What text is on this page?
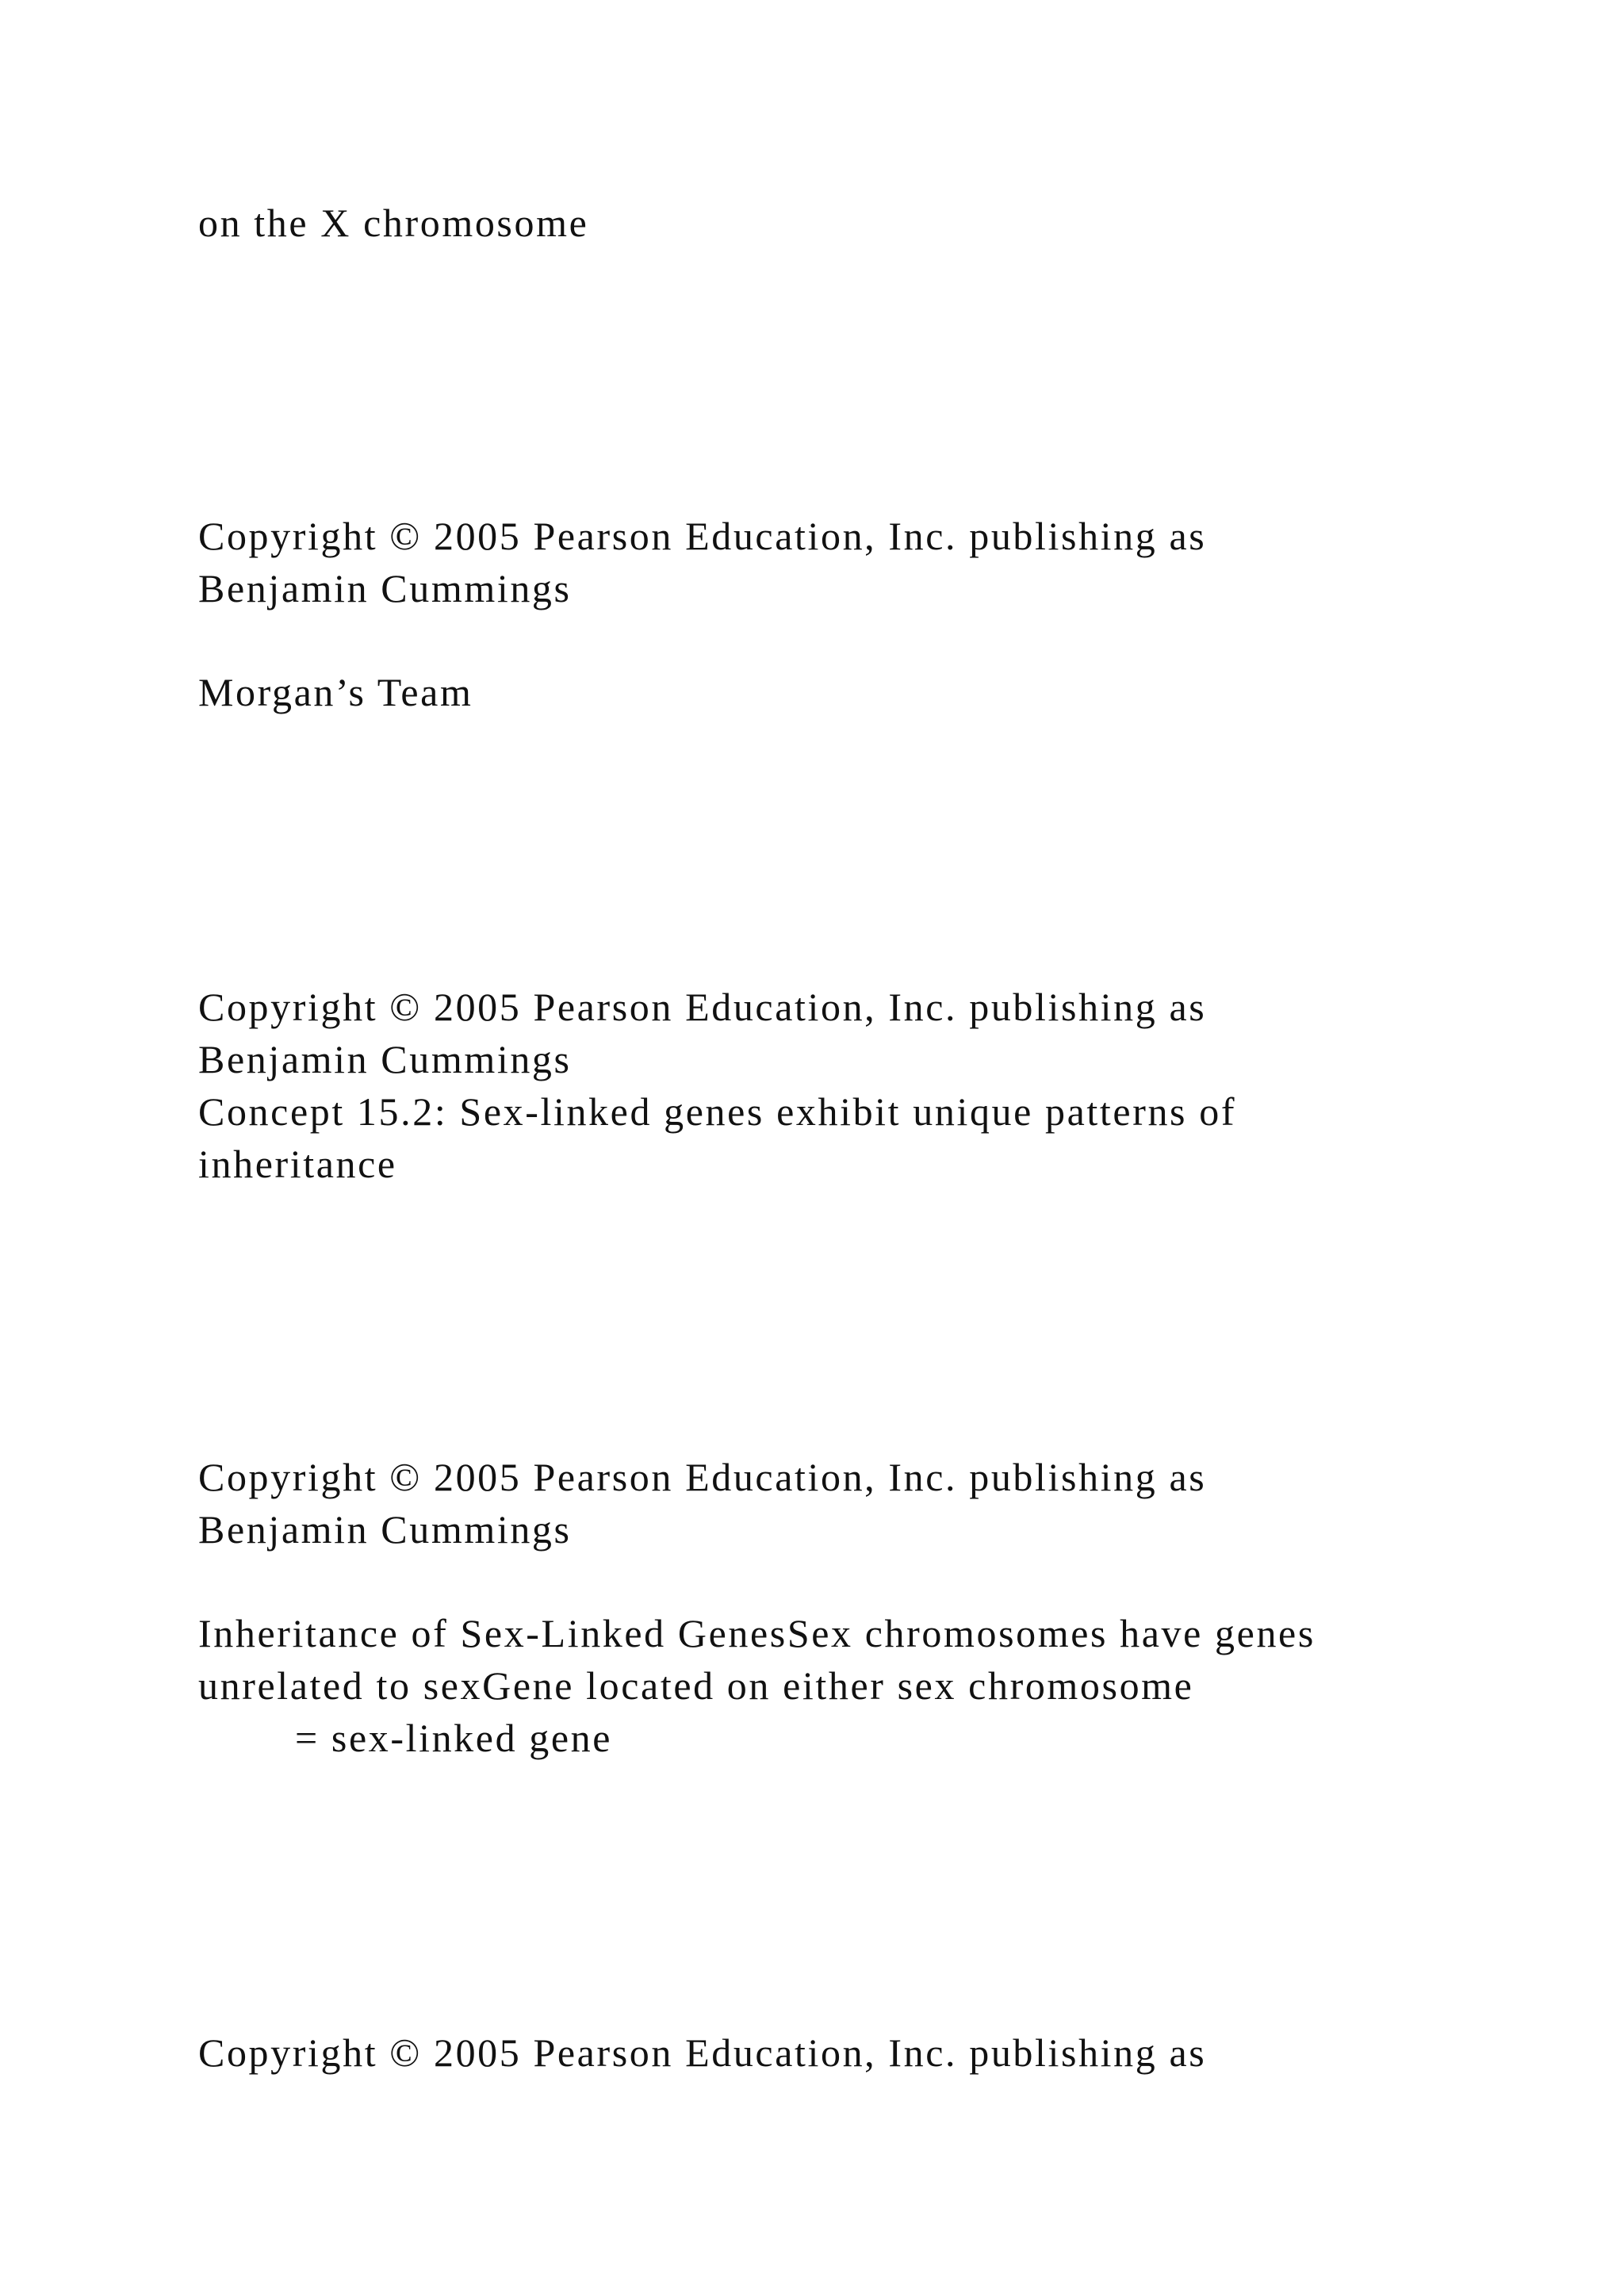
on the X chromosome

Copyright © 2005 Pearson Education, Inc. publishing as

Benjamin Cummings

Morgan’s Team

Copyright © 2005 Pearson Education, Inc. publishing as

Benjamin Cummings

Concept 15.2: Sex-linked genes exhibit unique patterns of

inheritance

Copyright © 2005 Pearson Education, Inc. publishing as

Benjamin Cummings

Inheritance of Sex-Linked GenesSex chromosomes have genes

unrelated to sexGene located on either sex chromosome

= sex-linked gene

Copyright © 2005 Pearson Education, Inc. publishing as
